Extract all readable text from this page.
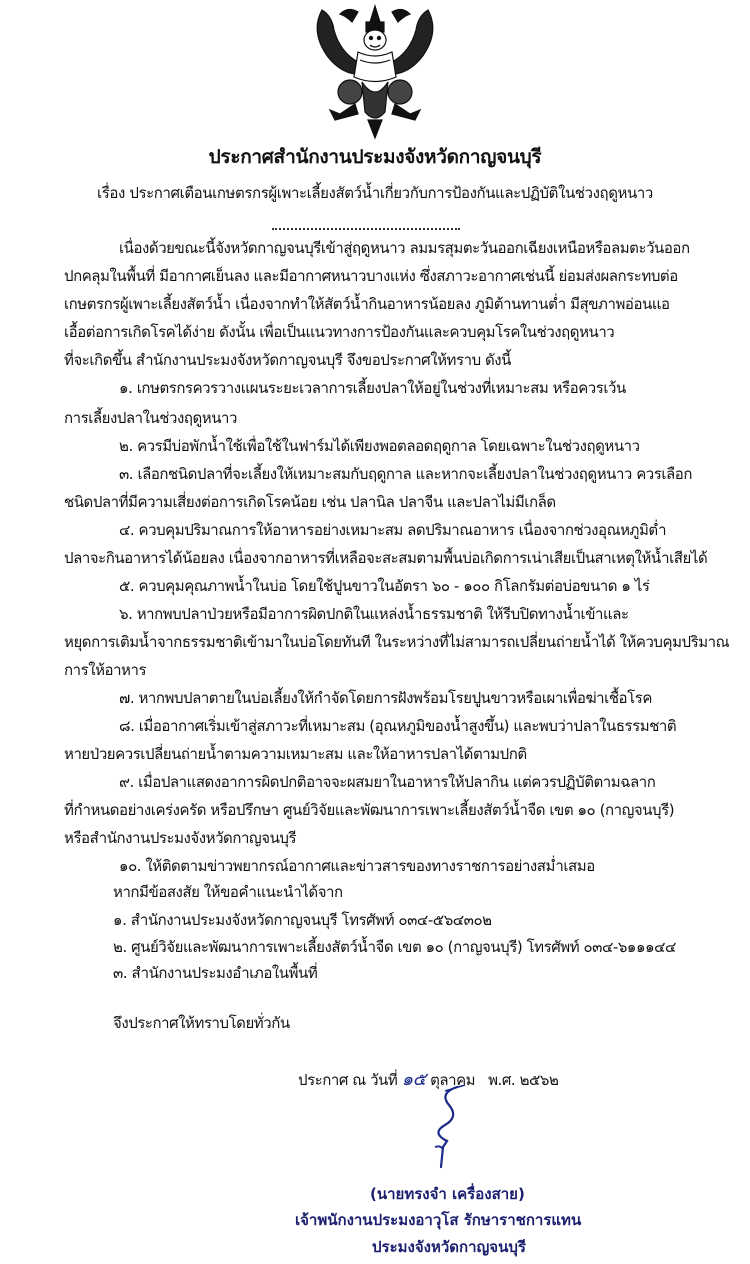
ประกาศสำนักงานประมงจังหวัดกาญจนบุรี
เรื่อง ประกาศเตือนเกษตรกรผู้เพาะเลี้ยงสัตว์น้ำเกี่ยวกับการป้องกันและปฏิบัติในช่วงฤดูหนาว
เนื่องด้วยขณะนี้จังหวัดกาญจนบุรีเข้าสู่ฤดูหนาว ลมมรสุมตะวันออกเฉียงเหนือหรือลมตะวันออก
ปกคลุมในพื้นที่ มีอากาศเย็นลง และมีอากาศหนาวบางแห่ง ซึ่งสภาวะอากาศเช่นนี้ ย่อมส่งผลกระทบต่อ
เกษตรกรผู้เพาะเลี้ยงสัตว์น้ำ เนื่องจากทำให้สัตว์น้ำกินอาหารน้อยลง ภูมิต้านทานต่ำ มีสุขภาพอ่อนแอ
เอื้อต่อการเกิดโรคได้ง่าย ดังนั้น เพื่อเป็นแนวทางการป้องกันและควบคุมโรคในช่วงฤดูหนาว
ที่จะเกิดขึ้น สำนักงานประมงจังหวัดกาญจนบุรี จึงขอประกาศให้ทราบ ดังนี้
๑. เกษตรกรควรวางแผนระยะเวลาการเลี้ยงปลาให้อยู่ในช่วงที่เหมาะสม หรือควรเว้น
การเลี้ยงปลาในช่วงฤดูหนาว
๒. ควรมีบ่อพักน้ำใช้เพื่อใช้ในฟาร์มได้เพียงพอตลอดฤดูกาล โดยเฉพาะในช่วงฤดูหนาว
๓. เลือกชนิดปลาที่จะเลี้ยงให้เหมาะสมกับฤดูกาล และหากจะเลี้ยงปลาในช่วงฤดูหนาว ควรเลือก
ชนิดปลาที่มีความเสี่ยงต่อการเกิดโรคน้อย เช่น ปลานิล ปลาจีน และปลาไม่มีเกล็ด
๔. ควบคุมปริมาณการให้อาหารอย่างเหมาะสม ลดปริมาณอาหาร เนื่องจากช่วงอุณหภูมิต่ำ
ปลาจะกินอาหารได้น้อยลง เนื่องจากอาหารที่เหลือจะสะสมตามพื้นบ่อเกิดการเน่าเสียเป็นสาเหตุให้น้ำเสียได้
๕. ควบคุมคุณภาพน้ำในบ่อ โดยใช้ปูนขาวในอัตรา ๖๐ - ๑๐๐ กิโลกรัมต่อบ่อขนาด ๑ ไร่
๖. หากพบปลาป่วยหรือมีอาการผิดปกติในแหล่งน้ำธรรมชาติ ให้รีบปิดทางน้ำเข้าและ
หยุดการเติมน้ำจากธรรมชาติเข้ามาในบ่อโดยทันที ในระหว่างที่ไม่สามารถเปลี่ยนถ่ายน้ำได้ ให้ควบคุมปริมาณ
การให้อาหาร
๗. หากพบปลาตายในบ่อเลี้ยงให้กำจัดโดยการฝังพร้อมโรยปูนขาวหรือเผาเพื่อฆ่าเชื้อโรค
๘. เมื่ออากาศเริ่มเข้าสู่สภาวะที่เหมาะสม (อุณหภูมิของน้ำสูงขึ้น) และพบว่าปลาในธรรมชาติ
หายป่วยควรเปลี่ยนถ่ายน้ำตามความเหมาะสม และให้อาหารปลาได้ตามปกติ
๙. เมื่อปลาแสดงอาการผิดปกติอาจจะผสมยาในอาหารให้ปลากิน แต่ควรปฏิบัติตามฉลาก
ที่กำหนดอย่างเคร่งครัด หรือปรึกษา ศูนย์วิจัยและพัฒนาการเพาะเลี้ยงสัตว์น้ำจืด เขต ๑๐ (กาญจนบุรี)
หรือสำนักงานประมงจังหวัดกาญจนบุรี
๑๐. ให้ติดตามข่าวพยากรณ์อากาศและข่าวสารของทางราชการอย่างสม่ำเสมอ
หากมีข้อสงสัย ให้ขอคำแนะนำได้จาก
๑. สำนักงานประมงจังหวัดกาญจนบุรี โทรศัพท์ ๐๓๔-๕๖๔๓๐๒
๒. ศูนย์วิจัยและพัฒนาการเพาะเลี้ยงสัตว์น้ำจืด เขต ๑๐ (กาญจนบุรี) โทรศัพท์ ๐๓๔-๖๑๑๑๔๔
๓. สำนักงานประมงอำเภอในพื้นที่
จึงประกาศให้ทราบโดยทั่วกัน
ประกาศ ณ วันที่ ๑๕ ตุลาคม พ.ศ. ๒๕๖๒
(นายทรงจำ เครื่องสาย)
เจ้าพนักงานประมงอาวุโส รักษาราชการแทน
ประมงจังหวัดกาญจนบุรี
